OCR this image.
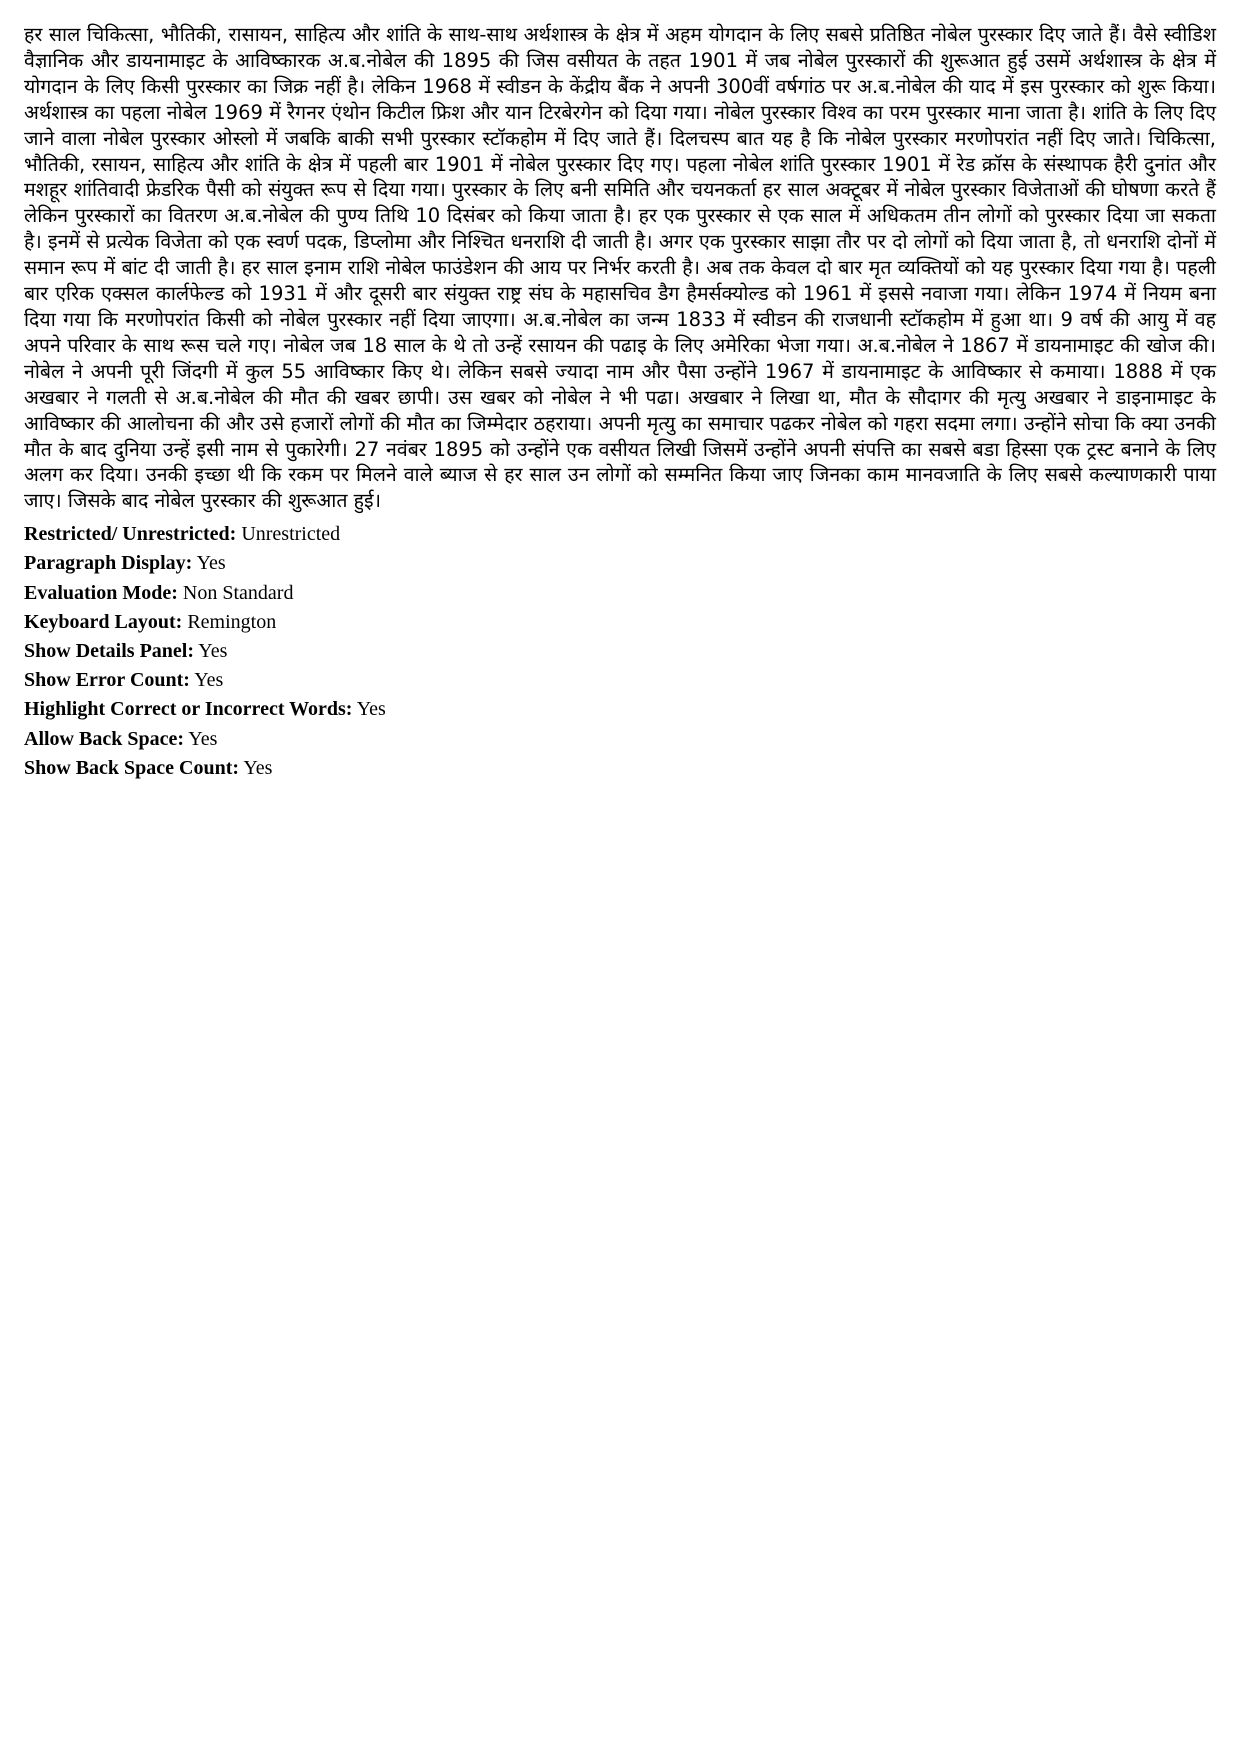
हर साल चिकित्सा, भौतिकी, रासायन, साहित्य और शांति के साथ-साथ अर्थशास्त्र के क्षेत्र में अहम योगदान के लिए सबसे प्रतिष्ठित नोबेल पुरस्कार दिए जाते हैं। वैसे स्वीडिश वैज्ञानिक और डायनामाइट के आविष्कारक अ.ब.नोबेल की 1895 की जिस वसीयत के तहत 1901 में जब नोबेल पुरस्कारों की शुरूआत हुई उसमें अर्थशास्त्र के क्षेत्र में योगदान के लिए किसी पुरस्कार का जिक्र नहीं है। लेकिन 1968 में स्वीडन के केंद्रीय बैंक ने अपनी 300वीं वर्षगांठ पर अ.ब.नोबेल की याद में इस पुरस्कार को शुरू किया। अर्थशास्त्र का पहला नोबेल 1969 में रैगनर एंथोन किटील फ्रिश और यान टिरबेरगेन को दिया गया। नोबेल पुरस्कार विश्व का परम पुरस्कार माना जाता है। शांति के लिए दिए जाने वाला नोबेल पुरस्कार ओस्लो में जबकि बाकी सभी पुरस्कार स्टॉकहोम में दिए जाते हैं। दिलचस्प बात यह है कि नोबेल पुरस्कार मरणोपरांत नहीं दिए जाते। चिकित्सा, भौतिकी, रसायन, साहित्य और शांति के क्षेत्र में पहली बार 1901 में नोबेल पुरस्कार दिए गए। पहला नोबेल शांति पुरस्कार 1901 में रेड क्रॉस के संस्थापक हैरी दुनांत और मशहूर शांतिवादी फ्रेडरिक पैसी को संयुक्त रूप से दिया गया। पुरस्कार के लिए बनी समिति और चयनकर्ता हर साल अक्टूबर में नोबेल पुरस्कार विजेताओं की घोषणा करते हैं लेकिन पुरस्कारों का वितरण अ.ब.नोबेल की पुण्य तिथि 10 दिसंबर को किया जाता है। हर एक पुरस्कार से एक साल में अधिकतम तीन लोगों को पुरस्कार दिया जा सकता है। इनमें से प्रत्येक विजेता को एक स्वर्ण पदक, डिप्लोमा और निश्चित धनराशि दी जाती है। अगर एक पुरस्कार साझा तौर पर दो लोगों को दिया जाता है, तो धनराशि दोनों में समान रूप में बांट दी जाती है। हर साल इनाम राशि नोबेल फाउंडेशन की आय पर निर्भर करती है। अब तक केवल दो बार मृत व्यक्तियों को यह पुरस्कार दिया गया है। पहली बार एरिक एक्सल कार्लफेल्ड को 1931 में और दूसरी बार संयुक्त राष्ट्र संघ के महासचिव डैग हैमर्सक्योल्ड को 1961 में इससे नवाजा गया। लेकिन 1974 में नियम बना दिया गया कि मरणोपरांत किसी को नोबेल पुरस्कार नहीं दिया जाएगा। अ.ब.नोबेल का जन्म 1833 में स्वीडन की राजधानी स्टॉकहोम में हुआ था। 9 वर्ष की आयु में वह अपने परिवार के साथ रूस चले गए। नोबेल जब 18 साल के थे तो उन्हें रसायन की पढाइ के लिए अमेरिका भेजा गया। अ.ब.नोबेल ने 1867 में डायनामाइट की खोज की। नोबेल ने अपनी पूरी जिंदगी में कुल 55 आविष्कार किए थे। लेकिन सबसे ज्यादा नाम और पैसा उन्होंने 1967 में डायनामाइट के आविष्कार से कमाया। 1888 में एक अखबार ने गलती से अ.ब.नोबेल की मौत की खबर छापी। उस खबर को नोबेल ने भी पढा। अखबार ने लिखा था, मौत के सौदागर की मृत्यु अखबार ने डाइनामाइट के आविष्कार की आलोचना की और उसे हजारों लोगों की मौत का जिम्मेदार ठहराया। अपनी मृत्यु का समाचार पढकर नोबेल को गहरा सदमा लगा। उन्होंने सोचा कि क्या उनकी मौत के बाद दुनिया उन्हें इसी नाम से पुकारेगी। 27 नवंबर 1895 को उन्होंने एक वसीयत लिखी जिसमें उन्होंने अपनी संपत्ति का सबसे बडा हिस्सा एक ट्रस्ट बनाने के लिए अलग कर दिया। उनकी इच्छा थी कि रकम पर मिलने वाले ब्याज से हर साल उन लोगों को सम्मनित किया जाए जिनका काम मानवजाति के लिए सबसे कल्याणकारी पाया जाए। जिसके बाद नोबेल पुरस्कार की शुरूआत हुई।

Restricted/ Unrestricted: Unrestricted
Paragraph Display: Yes
Evaluation Mode: Non Standard
Keyboard Layout: Remington
Show Details Panel: Yes
Show Error Count: Yes
Highlight Correct or Incorrect Words: Yes
Allow Back Space: Yes
Show Back Space Count: Yes
